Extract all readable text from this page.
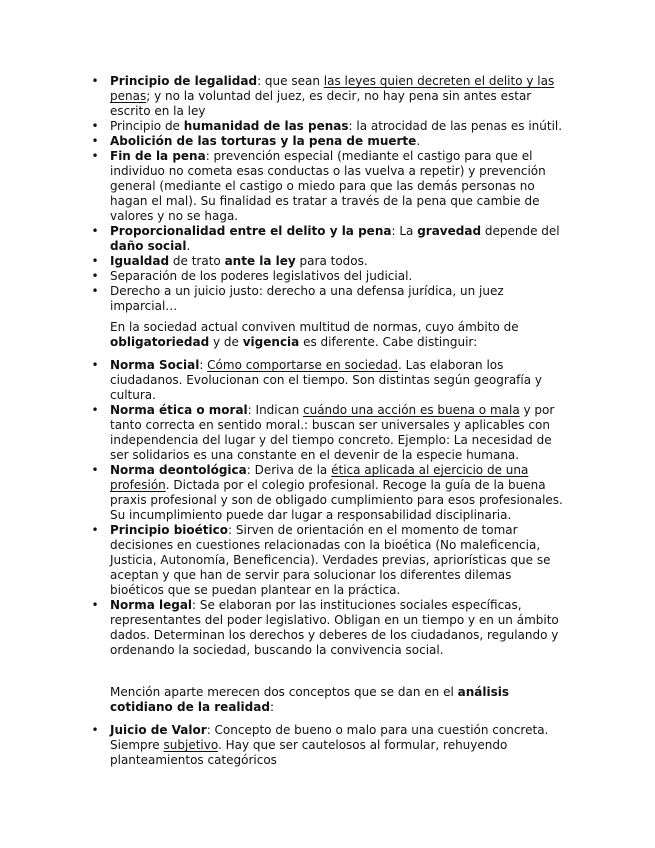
• Principio de legalidad: que sean las leyes quien decreten el delito y las penas; y no la voluntad del juez, es decir, no hay pena sin antes estar escrito en la ley
• Principio de humanidad de las penas: la atrocidad de las penas es inútil.
• Abolición de las torturas y la pena de muerte.
• Fin de la pena: prevención especial (mediante el castigo para que el individuo no cometa esas conductas o las vuelva a repetir) y prevención general (mediante el castigo o miedo para que las demás personas no hagan el mal). Su finalidad es tratar a través de la pena que cambie de valores y no se haga.
• Proporcionalidad entre el delito y la pena: La gravedad depende del daño social.
• Igualdad de trato ante la ley para todos.
• Separación de los poderes legislativos del judicial.
• Derecho a un juicio justo: derecho a una defensa jurídica, un juez imparcial…

En la sociedad actual conviven multitud de normas, cuyo ámbito de obligatoriedad y de vigencia es diferente. Cabe distinguir:

• Norma Social: Cómo comportarse en sociedad. Las elaboran los ciudadanos. Evolucionan con el tiempo. Son distintas según geografía y cultura.
• Norma ética o moral: Indican cuándo una acción es buena o mala y por tanto correcta en sentido moral.: buscan ser universales y aplicables con independencia del lugar y del tiempo concreto. Ejemplo: La necesidad de ser solidarios es una constante en el devenir de la especie humana.
• Norma deontológica: Deriva de la ética aplicada al ejercicio de una profesión. Dictada por el colegio profesional. Recoge la guía de la buena praxis profesional y son de obligado cumplimiento para esos profesionales. Su incumplimiento puede dar lugar a responsabilidad disciplinaria.
• Principio bioético: Sirven de orientación en el momento de tomar decisiones en cuestiones relacionadas con la bioética (No maleficencia, Justicia, Autonomía, Beneficencia). Verdades previas, apriorísticas que se aceptan y que han de servir para solucionar los diferentes dilemas bioéticos que se puedan plantear en la práctica.
• Norma legal: Se elaboran por las instituciones sociales específicas, representantes del poder legislativo. Obligan en un tiempo y en un ámbito dados. Determinan los derechos y deberes de los ciudadanos, regulando y ordenando la sociedad, buscando la convivencia social.

Mención aparte merecen dos conceptos que se dan en el análisis cotidiano de la realidad:

• Juicio de Valor: Concepto de bueno o malo para una cuestión concreta. Siempre subjetivo. Hay que ser cautelosos al formular, rehuyendo planteamientos categóricos
